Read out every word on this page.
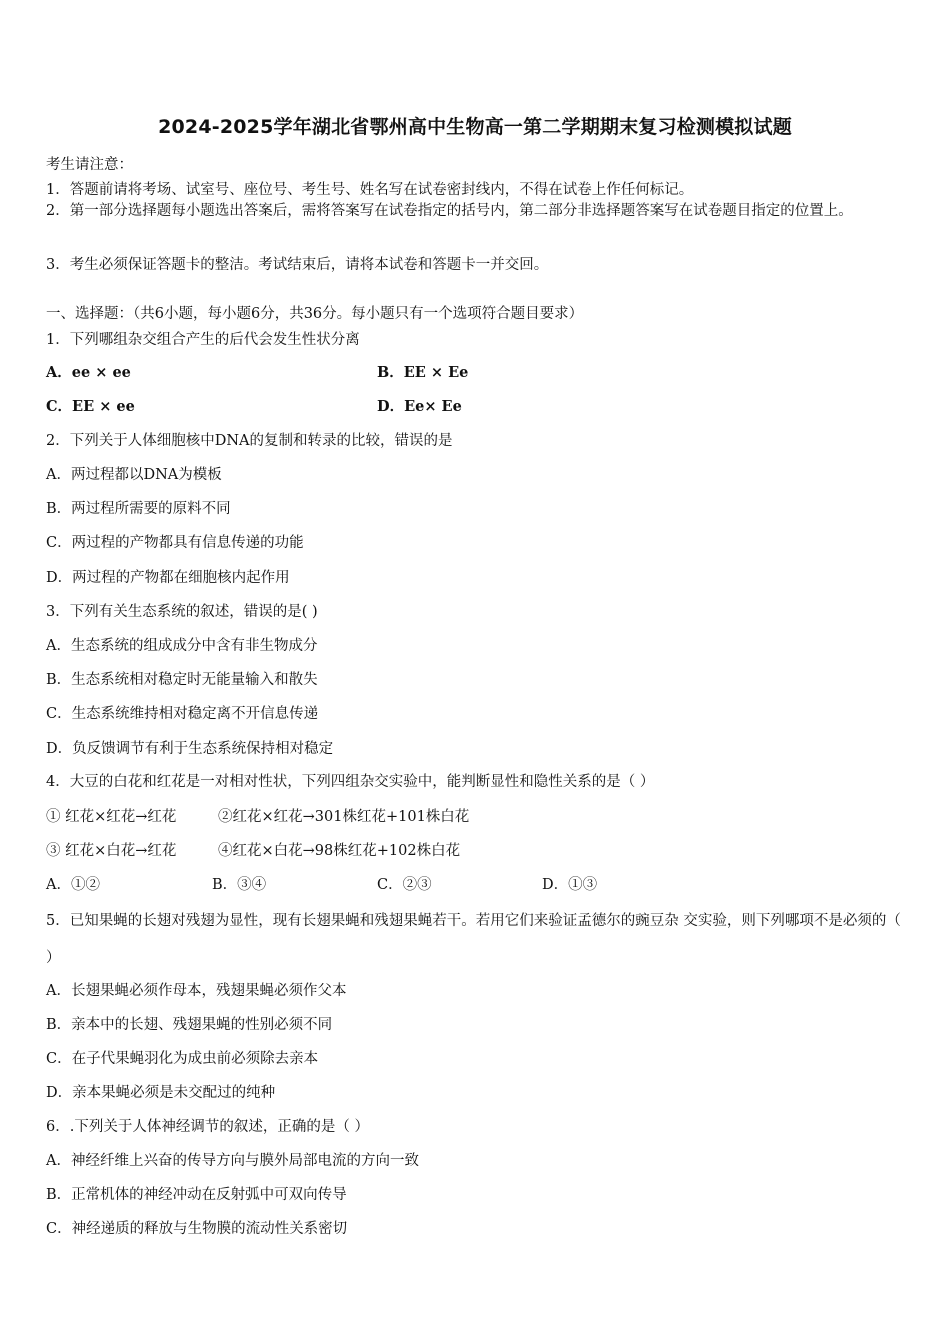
2024-2025学年湖北省鄂州高中生物高一第二学期期末复习检测模拟试题
考生请注意：
1．答题前请将考场、试室号、座位号、考生号、姓名写在试卷密封线内，不得在试卷上作任何标记。
2．第一部分选择题每小题选出答案后，需将答案写在试卷指定的括号内，第二部分非选择题答案写在试卷题目指定的位置上。
3．考生必须保证答题卡的整洁。考试结束后，请将本试卷和答题卡一并交回。
一、选择题：（共6小题，每小题6分，共36分。每小题只有一个选项符合题目要求）
1．下列哪组杂交组合产生的后代会发生性状分离
A．ee × ee	B．EE × Ee
C．EE × ee	D．Ee× Ee
2．下列关于人体细胞核中DNA的复制和转录的比较，错误的是
A．两过程都以DNA为模板
B．两过程所需要的原料不同
C．两过程的产物都具有信息传递的功能
D．两过程的产物都在细胞核内起作用
3．下列有关生态系统的叙述，错误的是( )
A．生态系统的组成成分中含有非生物成分
B．生态系统相对稳定时无能量输入和散失
C．生态系统维持相对稳定离不开信息传递
D．负反馈调节有利于生态系统保持相对稳定
4．大豆的白花和红花是一对相对性状，下列四组杂交实验中，能判断显性和隐性关系的是（ ）
① 红花×红花→红花	②红花×红花→301株红花+101株白花
③ 红花×白花→红花	④红花×白花→98株红花+102株白花
A．①②	B．③④	C．②③	D．①③
5．已知果蝇的长翅对残翅为显性，现有长翅果蝇和残翅果蝇若干。若用它们来验证孟德尔的豌豆杂 交实验，则下列哪项不是必须的（ ）
A．长翅果蝇必须作母本，残翅果蝇必须作父本
B．亲本中的长翅、残翅果蝇的性别必须不同
C．在子代果蝇羽化为成虫前必须除去亲本
D．亲本果蝇必须是未交配过的纯种
6．.下列关于人体神经调节的叙述，正确的是（ ）
A．神经纤维上兴奋的传导方向与膜外局部电流的方向一致
B．正常机体的神经冲动在反射弧中可双向传导
C．神经递质的释放与生物膜的流动性关系密切
